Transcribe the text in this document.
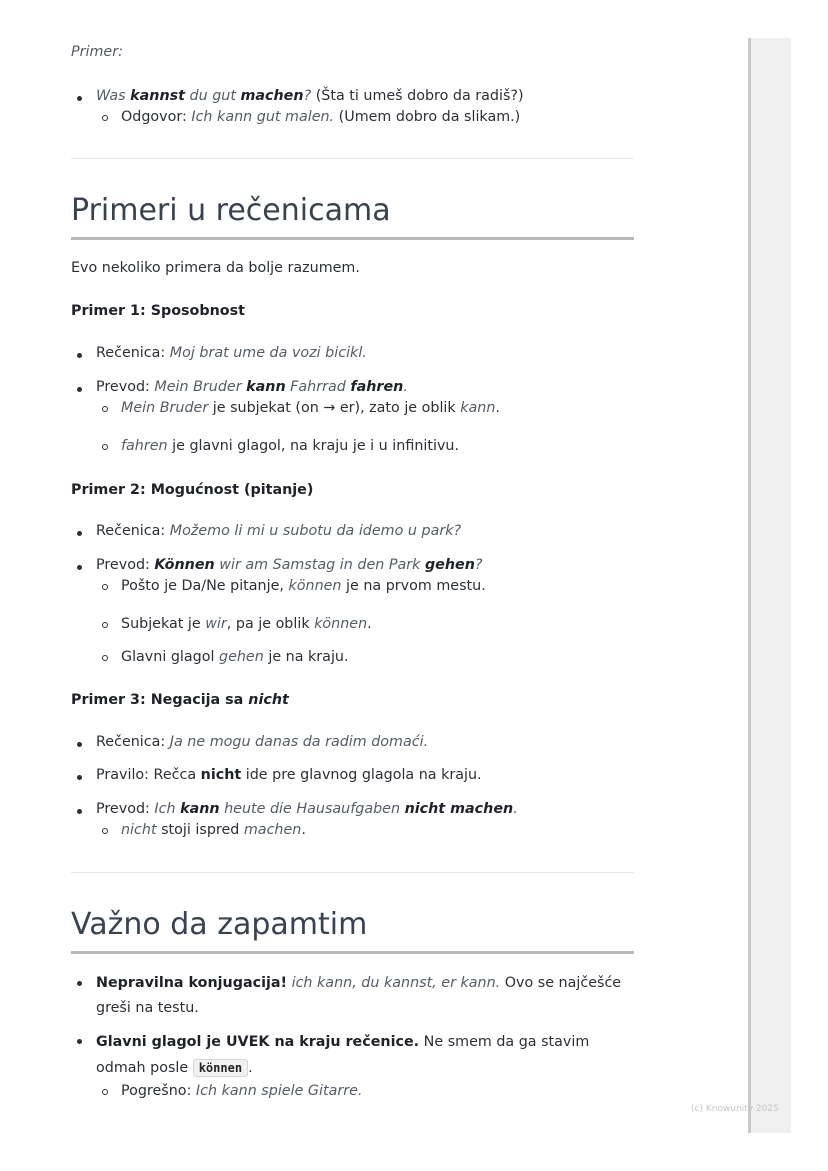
Primer:
Was kannst du gut machen? (Šta ti umeš dobro da radiš?)
Odgovor: Ich kann gut malen. (Umem dobro da slikam.)
Primeri u rečenicama
Evo nekoliko primera da bolje razumem.
Primer 1: Sposobnost
Rečenica: Moj brat ume da vozi bicikl.
Prevod: Mein Bruder kann Fahrrad fahren.
Mein Bruder je subjekat (on → er), zato je oblik kann.
fahren je glavni glagol, na kraju je i u infinitivu.
Primer 2: Mogućnost (pitanje)
Rečenica: Možemo li mi u subotu da idemo u park?
Prevod: Können wir am Samstag in den Park gehen?
Pošto je Da/Ne pitanje, können je na prvom mestu.
Subjekat je wir, pa je oblik können.
Glavni glagol gehen je na kraju.
Primer 3: Negacija sa nicht
Rečenica: Ja ne mogu danas da radim domaći.
Pravilo: Rečca nicht ide pre glavnog glagola na kraju.
Prevod: Ich kann heute die Hausaufgaben nicht machen.
nicht stoji ispred machen.
Važno da zapamtim
Nepravilna konjugacija! ich kann, du kannst, er kann. Ovo se najčešće greši na testu.
Glavni glagol je UVEK na kraju rečenice. Ne smem da ga stavim odmah posle können .
Pogrešno: Ich kann spiele Gitarre.
(c) Knowunity 2025
